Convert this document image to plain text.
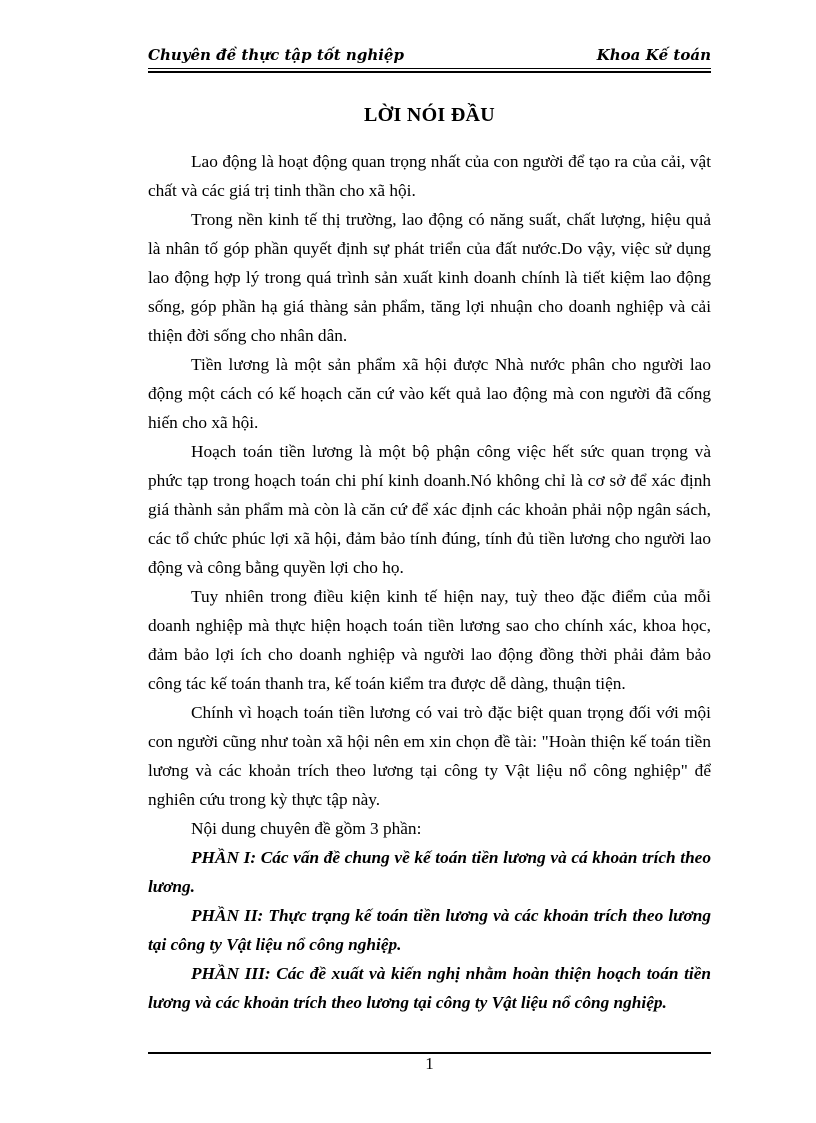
Chuyên đề thực tập tốt nghiệp	Khoa Kế toán
LỜI NÓI ĐẦU

Lao động là hoạt động quan trọng nhất của con người để tạo ra của cải, vật chất và các giá trị tinh thần cho xã hội.

Trong nền kinh tế thị trường, lao động có năng suất, chất lượng, hiệu quả là nhân tố góp phần quyết định sự phát triển của đất nước.Do vậy, việc sử dụng lao động hợp lý trong quá trình sản xuất kinh doanh chính là tiết kiệm lao động sống, góp phần hạ giá thàng sản phẩm, tăng lợi nhuận cho doanh nghiệp và cải thiện đời sống cho nhân dân.

Tiền lương là một sản phẩm xã hội được Nhà nước phân cho người lao động một cách có kế hoạch căn cứ vào kết quả lao động mà con người đã cống hiến cho xã hội.

Hoạch toán tiền lương là một bộ phận công việc hết sức quan trọng và phức tạp trong hoạch toán chi phí kinh doanh.Nó không chỉ là cơ sở để xác định giá thành sản phẩm mà còn là căn cứ để xác định các khoản phải nộp ngân sách, các tổ chức phúc lợi xã hội, đảm bảo tính đúng, tính đủ tiền lương cho người lao động và công bằng quyền lợi cho họ.

Tuy nhiên trong điều kiện kinh tế hiện nay, tuỳ theo đặc điểm của mỗi doanh nghiệp mà thực hiện hoạch toán tiền lương sao cho chính xác, khoa học, đảm bảo lợi ích cho doanh nghiệp và người lao động đồng thời phải đảm bảo công tác kế toán thanh tra, kế toán kiểm tra được dễ dàng, thuận tiện.

Chính vì hoạch toán tiền lương có vai trò đặc biệt quan trọng đối với mội con người cũng như toàn xã hội nên em xin chọn đề tài: "Hoàn thiện kế toán tiền lương và các khoản trích theo lương tại công ty Vật liệu nổ công nghiệp" để nghiên cứu trong kỳ thực tập này.

Nội dung chuyên đề gồm 3 phần:

PHẦN I: Các vấn đề chung về kế toán tiền lương và cá khoản trích theo lương.

PHẦN II: Thực trạng kế toán tiền lương và các khoản trích theo lương tại công ty Vật liệu nổ công nghiệp.

PHẦN III: Các đề xuất và kiến nghị nhằm hoàn thiện hoạch toán tiền lương và các khoản trích theo lương tại công ty Vật liệu nổ công nghiệp.

1
